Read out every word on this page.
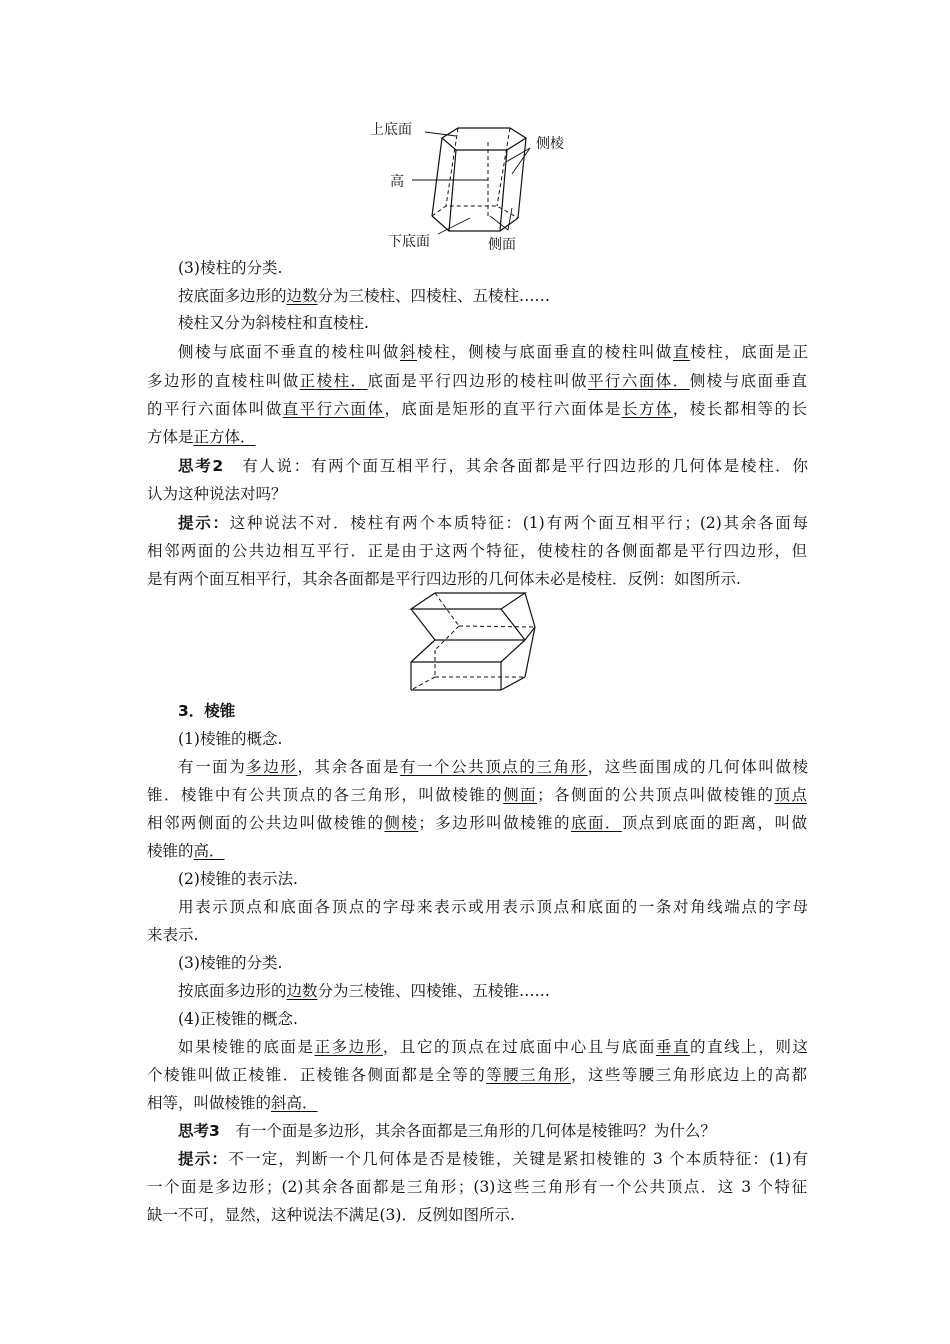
上底面
侧棱
高
下底面	侧面
(3)棱柱的分类.
按底面多边形的边数分为三棱柱、四棱柱、五棱柱……
棱柱又分为斜棱柱和直棱柱.
侧棱与底面不垂直的棱柱叫做斜棱柱，侧棱与底面垂直的棱柱叫做直棱柱，底面是正
多边形的直棱柱叫做正棱柱．底面是平行四边形的棱柱叫做平行六面体．侧棱与底面垂直
的平行六面体叫做直平行六面体，底面是矩形的直平行六面体是长方体，棱长都相等的长
方体是正方体．
思考2　 有人说：有两个面互相平行，其余各面都是平行四边形的几何体是棱柱．你
认为这种说法对吗？
提示：这种说法不对．棱柱有两个本质特征：(1)有两个面互相平行；(2)其余各面每
相邻两面的公共边相互平行．正是由于这两个特征，使棱柱的各侧面都是平行四边形，但
是有两个面互相平行，其余各面都是平行四边形的几何体未必是棱柱．反例：如图所示.
3．棱锥
(1)棱锥的概念.
有一面为多边形，其余各面是有一个公共顶点的三角形，这些面围成的几何体叫做棱
锥．棱锥中有公共顶点的各三角形，叫做棱锥的侧面；各侧面的公共顶点叫做棱锥的顶点
相邻两侧面的公共边叫做棱锥的侧棱；多边形叫做棱锥的底面．顶点到底面的距离，叫做
棱锥的高．
(2)棱锥的表示法.
用表示顶点和底面各顶点的字母来表示或用表示顶点和底面的一条对角线端点的字母
来表示.
(3)棱锥的分类.
按底面多边形的边数分为三棱锥、四棱锥、五棱锥……
(4)正棱锥的概念.
如果棱锥的底面是正多边形，且它的顶点在过底面中心且与底面垂直的直线上，则这
个棱锥叫做正棱锥．正棱锥各侧面都是全等的等腰三角形，这些等腰三角形底边上的高都
相等，叫做棱锥的斜高．
思考3　 有一个面是多边形，其余各面都是三角形的几何体是棱锥吗？为什么？
提示：不一定，判断一个几何体是否是棱锥，关键是紧扣棱锥的 3 个本质特征：(1)有
一个面是多边形；(2)其余各面都是三角形；(3)这些三角形有一个公共顶点．这 3 个特征
缺一不可，显然，这种说法不满足(3)．反例如图所示.
